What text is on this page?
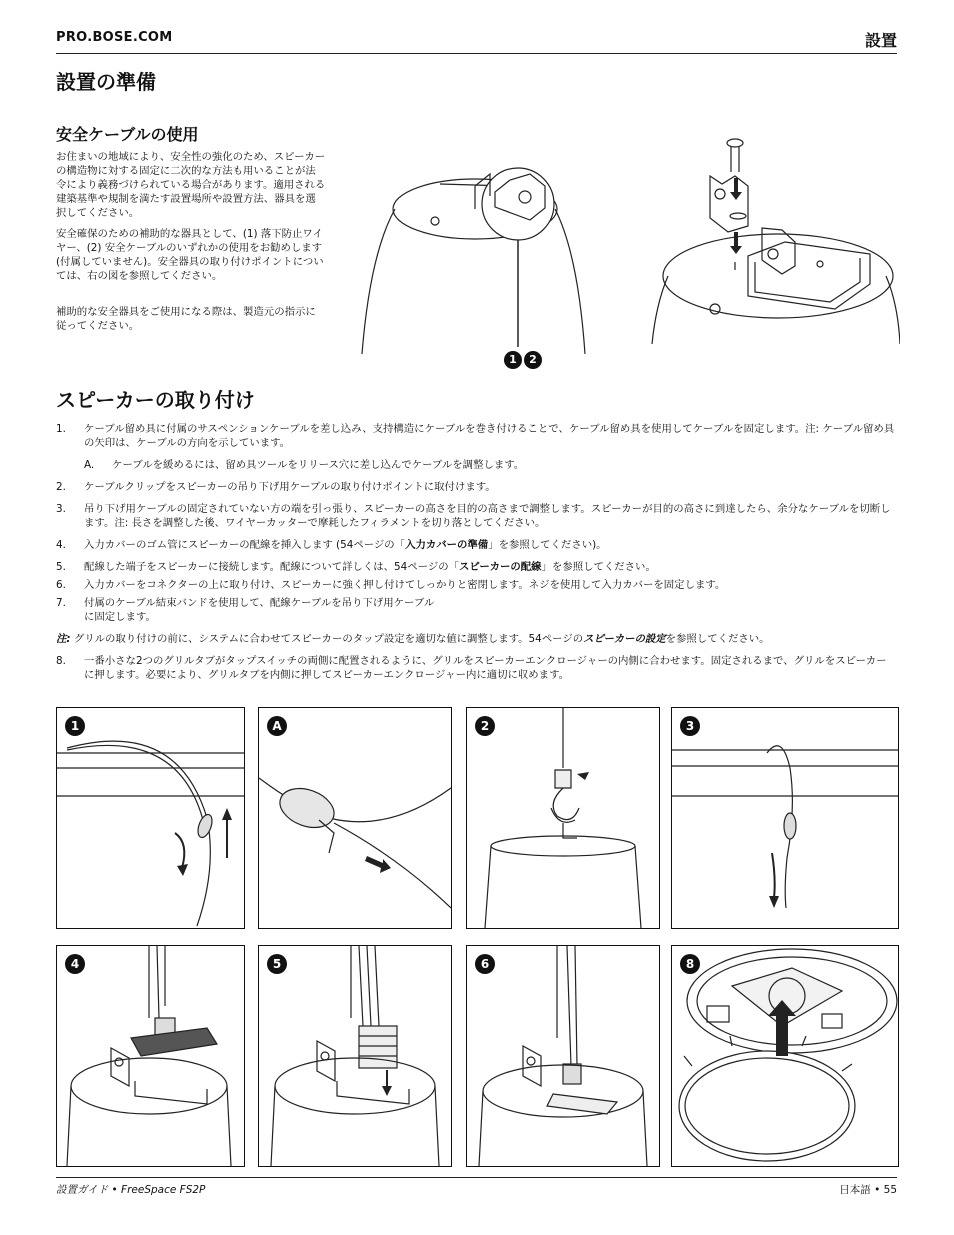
PRO.BOSE.COM	設置
設置の準備
安全ケーブルの使用
お住まいの地域により、安全性の強化のため、スピーカーの構造物に対する固定に二次的な方法も用いることが法令により義務づけられている場合があります。適用される建築基準や規制を満たす設置場所や設置方法、器具を選択してください。
安全確保のための補助的な器具として、(1) 落下防止ワイヤー、(2) 安全ケーブルのいずれかの使用をお勧めします (付属していません)。安全器具の取り付けポイントについては、右の図を参照してください。
補助的な安全器具をご使用になる際は、製造元の指示に従ってください。
1 2
スピーカーの取り付け
1. ケーブル留め具に付属のサスペンションケーブルを差し込み、支持構造にケーブルを巻き付けることで、ケーブル留め具を使用してケーブルを固定します。注: ケーブル留め具の矢印は、ケーブルの方向を示しています。
A. ケーブルを緩めるには、留め具ツールをリリース穴に差し込んでケーブルを調整します。
2. ケーブルクリップをスピーカーの吊り下げ用ケーブルの取り付けポイントに取付けます。
3. 吊り下げ用ケーブルの固定されていない方の端を引っ張り、スピーカーの高さを目的の高さまで調整します。スピーカーが目的の高さに到達したら、余分なケーブルを切断します。注: 長さを調整した後、ワイヤーカッターで摩耗したフィラメントを切り落としてください。
4. 入力カバーのゴム管にスピーカーの配線を挿入します (54ページの「入力カバーの準備」を参照してください)。
5. 配線した端子をスピーカーに接続します。配線について詳しくは、54ページの「スピーカーの配線」を参照してください。
6. 入力カバーをコネクターの上に取り付け、スピーカーに強く押し付けてしっかりと密閉します。ネジを使用して入力カバーを固定します。
7. 付属のケーブル結束バンドを使用して、配線ケーブルを吊り下げ用ケーブルに固定します。
注: グリルの取り付けの前に、システムに合わせてスピーカーのタップ設定を適切な値に調整します。54ページのスピーカーの設定を参照してください。
8. 一番小さな2つのグリルタブがタップスイッチの両側に配置されるように、グリルをスピーカーエンクロージャーの内側に合わせます。固定されるまで、グリルをスピーカーに押します。必要により、グリルタブを内側に押してスピーカーエンクロージャー内に適切に収めます。
1	A	2	3
4	5	6	8
設置ガイド • FreeSpace FS2P	日本語 • 55
